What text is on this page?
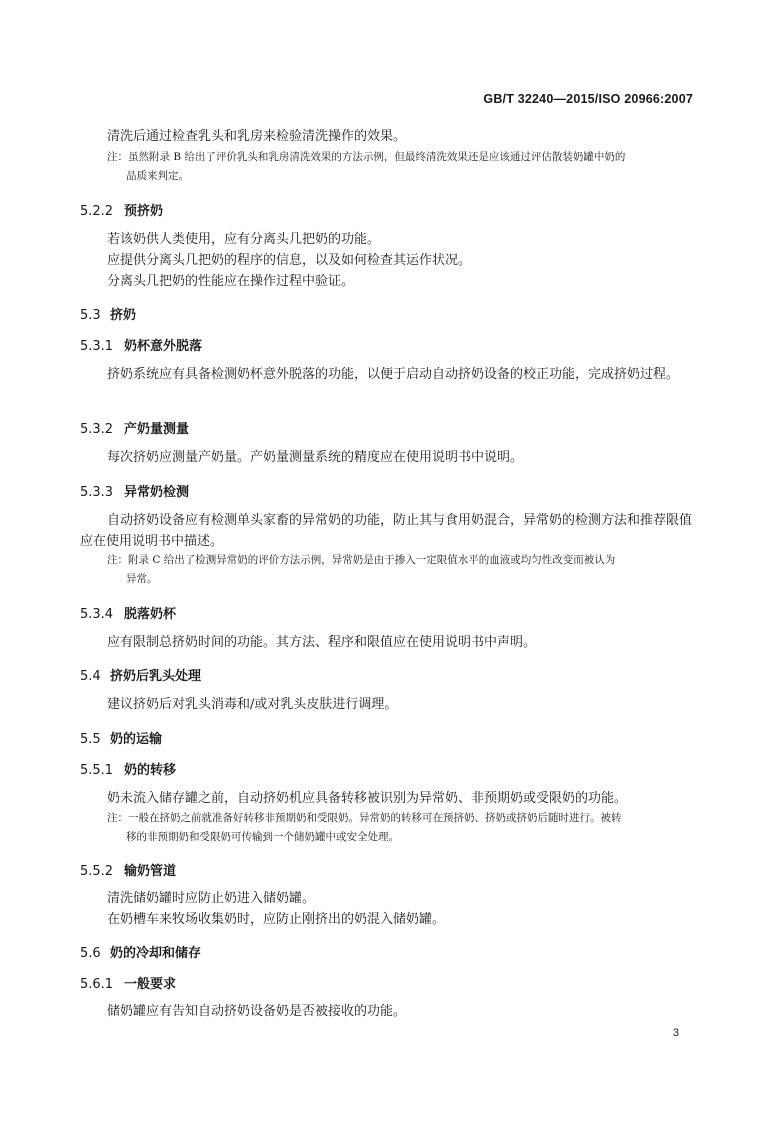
GB/T 32240—2015/ISO 20966:2007
清洗后通过检查乳头和乳房来检验清洗操作的效果。
注：虽然附录 B 给出了评价乳头和乳房清洗效果的方法示例，但最终清洗效果还是应该通过评估散装奶罐中奶的
品质来判定。
5.2.2 预挤奶
若该奶供人类使用，应有分离头几把奶的功能。
应提供分离头几把奶的程序的信息，以及如何检查其运作状况。
分离头几把奶的性能应在操作过程中验证。
5.3 挤奶
5.3.1 奶杯意外脱落
挤奶系统应有具备检测奶杯意外脱落的功能，以便于启动自动挤奶设备的校正功能，完成挤奶过程。
5.3.2 产奶量测量
每次挤奶应测量产奶量。产奶量测量系统的精度应在使用说明书中说明。
5.3.3 异常奶检测
自动挤奶设备应有检测单头家畜的异常奶的功能，防止其与食用奶混合，异常奶的检测方法和推荐限值应在使用说明书中描述。
注：附录 C 给出了检测异常奶的评价方法示例，异常奶是由于掺入一定限值水平的血液或均匀性改变而被认为
异常。
5.3.4 脱落奶杯
应有限制总挤奶时间的功能。其方法、程序和限值应在使用说明书中声明。
5.4 挤奶后乳头处理
建议挤奶后对乳头消毒和/或对乳头皮肤进行调理。
5.5 奶的运输
5.5.1 奶的转移
奶未流入储存罐之前，自动挤奶机应具备转移被识别为异常奶、非预期奶或受限奶的功能。
注：一般在挤奶之前就准备好转移非预期奶和受限奶。异常奶的转移可在预挤奶、挤奶或挤奶后随时进行。被转
移的非预期奶和受限奶可传输到一个储奶罐中或安全处理。
5.5.2 输奶管道
清洗储奶罐时应防止奶进入储奶罐。
在奶槽车来牧场收集奶时，应防止刚挤出的奶混入储奶罐。
5.6 奶的冷却和储存
5.6.1 一般要求
储奶罐应有告知自动挤奶设备奶是否被接收的功能。
3
